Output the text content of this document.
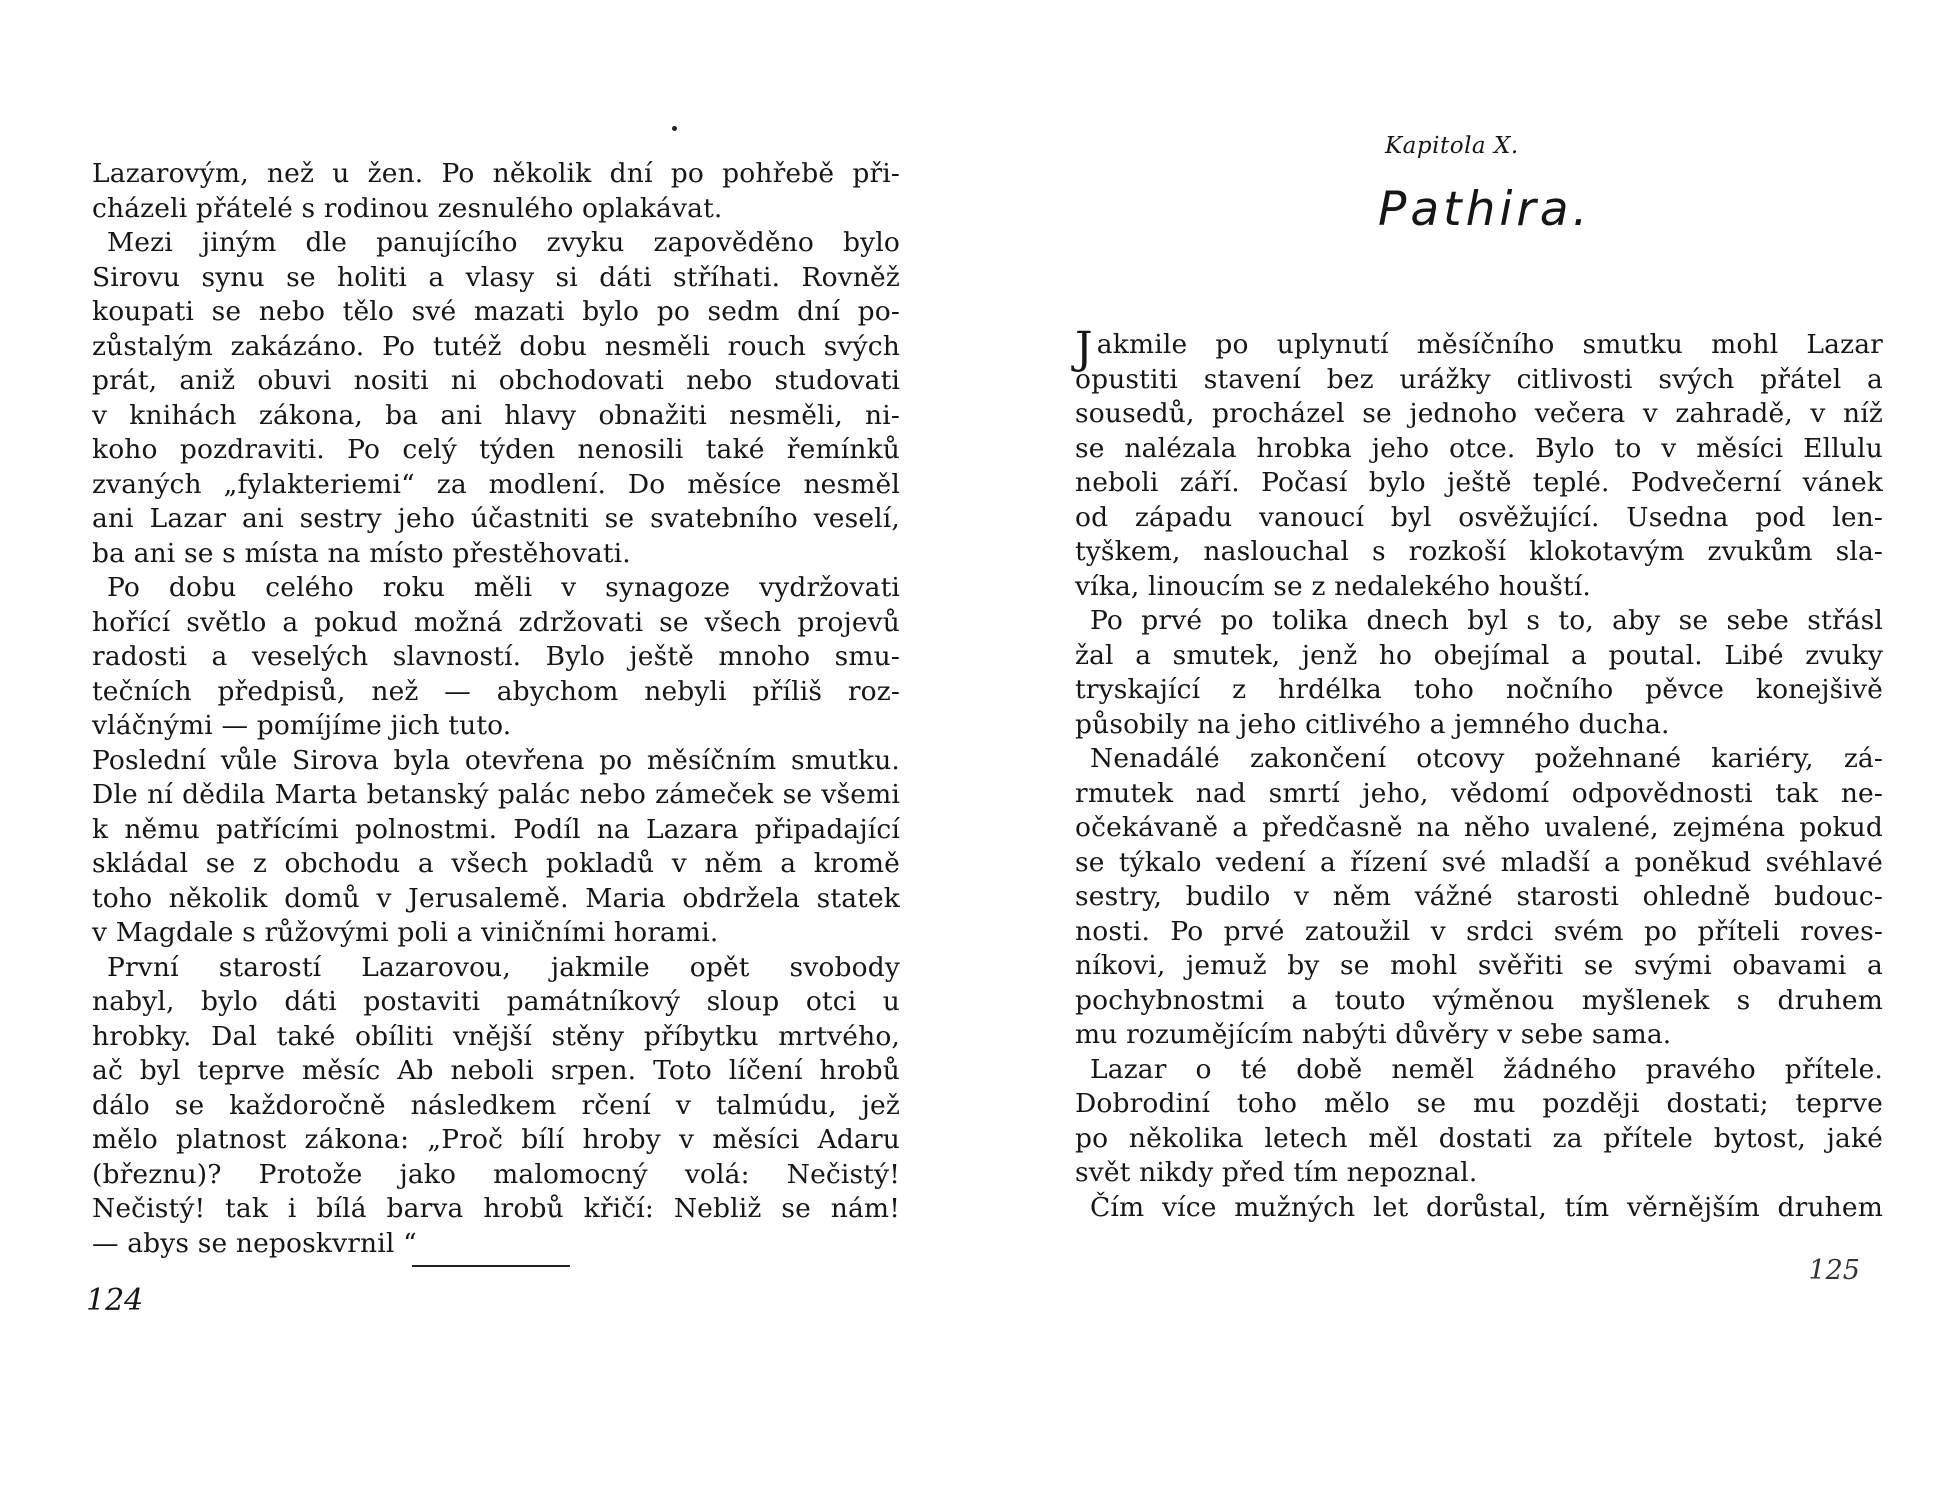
Lazarovým, než u žen. Po několik dní po pohřebě při-
cházeli přátelé s rodinou zesnulého oplakávat.
Mezi jiným dle panujícího zvyku zapověděno bylo
Sirovu synu se holiti a vlasy si dáti stříhati. Rovněž
koupati se nebo tělo své mazati bylo po sedm dní po-
zůstalým zakázáno. Po tutéž dobu nesměli rouch svých
prát, aniž obuvi nositi ni obchodovati nebo studovati
v knihách zákona, ba ani hlavy obnažiti nesměli, ni-
koho pozdraviti. Po celý týden nenosili také řemínků
zvaných „fylakteriemi“ za modlení. Do měsíce nesměl
ani Lazar ani sestry jeho účastniti se svatebního veselí,
ba ani se s místa na místo přestěhovati.
Po dobu celého roku měli v synagoze vydržovati
hořící světlo a pokud možná zdržovati se všech projevů
radosti a veselých slavností. Bylo ještě mnoho smu-
tečních předpisů, než — abychom nebyli příliš roz-
vláčnými — pomíjíme jich tuto.
Poslední vůle Sirova byla otevřena po měsíčním smutku.
Dle ní dědila Marta betanský palác nebo zámeček se všemi
k němu patřícími polnostmi. Podíl na Lazara připadající
skládal se z obchodu a všech pokladů v něm a kromě
toho několik domů v Jerusalemě. Maria obdržela statek
v Magdale s růžovými poli a viničními horami.
První starostí Lazarovou, jakmile opět svobody
nabyl, bylo dáti postaviti památníkový sloup otci u
hrobky. Dal také obíliti vnější stěny příbytku mrtvého,
ač byl teprve měsíc Ab neboli srpen. Toto líčení hrobů
dálo se každoročně následkem rčení v talmúdu, jež
mělo platnost zákona: „Proč bílí hroby v měsíci Adaru
(březnu)? Protože jako malomocný volá: Nečistý!
Nečistý! tak i bílá barva hrobů křičí: Nebliž se nám!
— abys se neposkvrnil “
124
Kapitola X.
Pathira.
J akmile po uplynutí měsíčního smutku mohl Lazar
opustiti stavení bez urážky citlivosti svých přátel a
sousedů, procházel se jednoho večera v zahradě, v níž
se nalézala hrobka jeho otce. Bylo to v měsíci Ellulu
neboli září. Počasí bylo ještě teplé. Podvečerní vánek
od západu vanoucí byl osvěžující. Usedna pod len-
tyškem, naslouchal s rozkoší klokotavým zvukům sla-
víka, linoucím se z nedalekého houští.
Po prvé po tolika dnech byl s to, aby se sebe střásl
žal a smutek, jenž ho obejímal a poutal. Libé zvuky
tryskající z hrdélka toho nočního pěvce konejšivě
působily na jeho citlivého a jemného ducha.
Nenadálé zakončení otcovy požehnané kariéry, zá-
rmutek nad smrtí jeho, vědomí odpovědnosti tak ne-
očekávaně a předčasně na něho uvalené, zejména pokud
se týkalo vedení a řízení své mladší a poněkud svéhlavé
sestry, budilo v něm vážné starosti ohledně budouc-
nosti. Po prvé zatoužil v srdci svém po příteli roves-
níkovi, jemuž by se mohl svěřiti se svými obavami a
pochybnostmi a touto výměnou myšlenek s druhem
mu rozumějícím nabýti důvěry v sebe sama.
Lazar o té době neměl žádného pravého přítele.
Dobrodiní toho mělo se mu později dostati; teprve
po několika letech měl dostati za přítele bytost, jaké
svět nikdy před tím nepoznal.
Čím více mužných let dorůstal, tím věrnějším druhem
125
